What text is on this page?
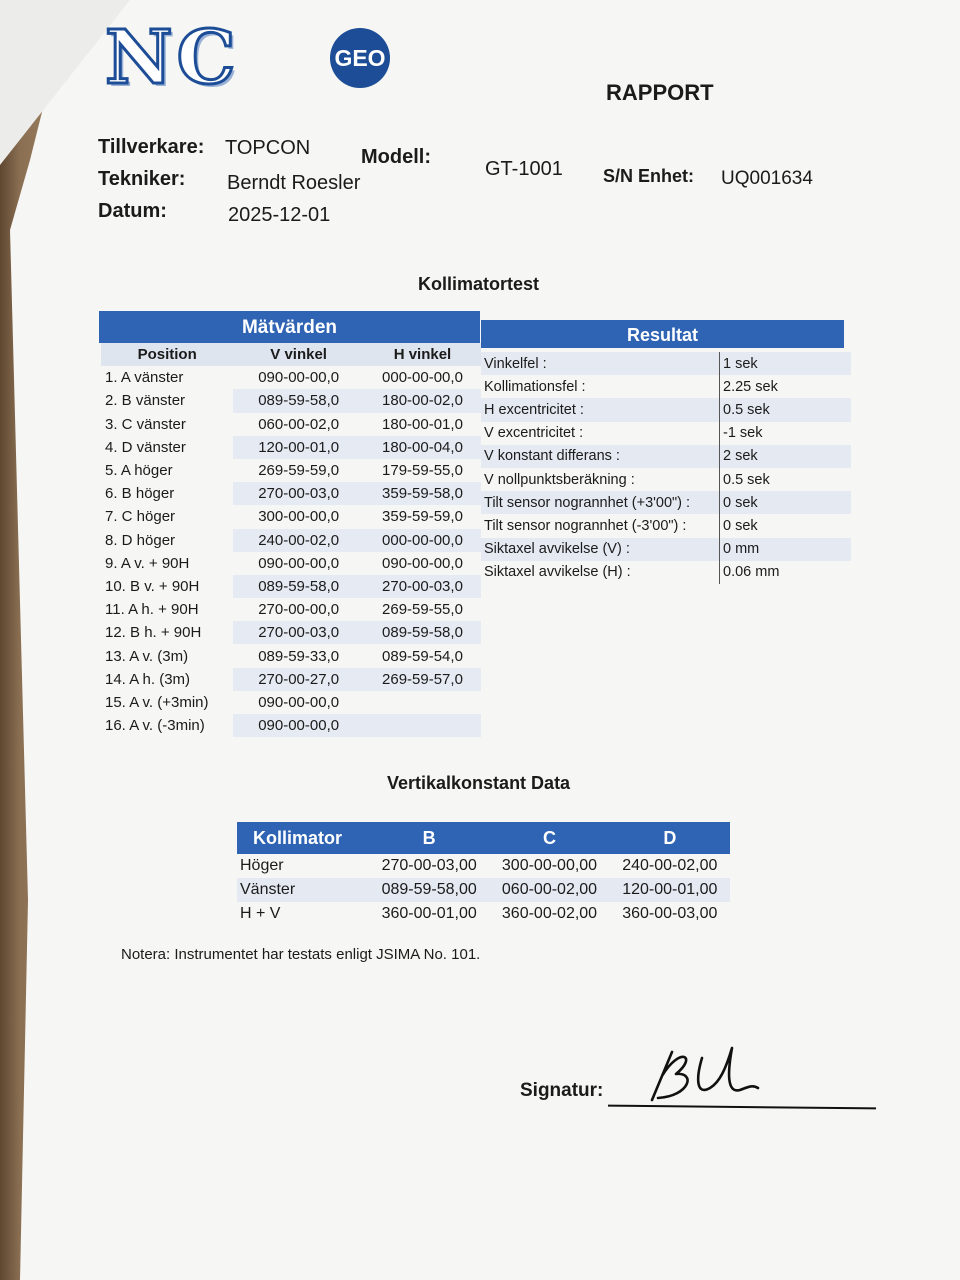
NC	GEO
RAPPORT
Tillverkare: TOPCON	Modell:
GT-1001 S/N Enhet: UQ001634
Tekniker: Berndt Roesler
Datum:	2025-12-01
Kollimatortest
Mätvärden
Position	V vinkel	H vinkel
1. A vänster	090-00-00,0	000-00-00,0
2. B vänster	089-59-58,0	180-00-02,0
3. C vänster	060-00-02,0	180-00-01,0
4. D vänster	120-00-01,0	180-00-04,0
5. A höger	269-59-59,0	179-59-55,0
6. B höger	270-00-03,0	359-59-58,0
7. C höger	300-00-00,0	359-59-59,0
8. D höger	240-00-02,0	000-00-00,0
9. A v. + 90H	090-00-00,0	090-00-00,0
10. B v. + 90H	089-59-58,0	270-00-03,0
11. A h. + 90H	270-00-00,0	269-59-55,0
12. B h. + 90H	270-00-03,0	089-59-58,0
13. A v. (3m)	089-59-33,0	089-59-54,0
14. A h. (3m)	270-00-27,0	269-59-57,0
15. A v. (+3min)	090-00-00,0	
16. A v. (-3min)	090-00-00,0	
Resultat
Vinkelfel :	1 sek
Kollimationsfel :	2.25 sek
H excentricitet :	0.5 sek
V excentricitet :	-1 sek
V konstant differans :	2 sek
V nollpunktsberäkning :	0.5 sek
Tilt sensor nogrannhet (+3'00") :	0 sek
Tilt sensor nogrannhet (-3'00") :	0 sek
Siktaxel avvikelse (V) :	0 mm
Siktaxel avvikelse (H) :	0.06 mm
Vertikalkonstant Data
Kollimator	B	C	D
Höger	270-00-03,00	300-00-00,00	240-00-02,00
Vänster	089-59-58,00	060-00-02,00	120-00-01,00
H + V	360-00-01,00	360-00-02,00	360-00-03,00
Notera: Instrumentet har testats enligt JSIMA No. 101.
Signatur:
